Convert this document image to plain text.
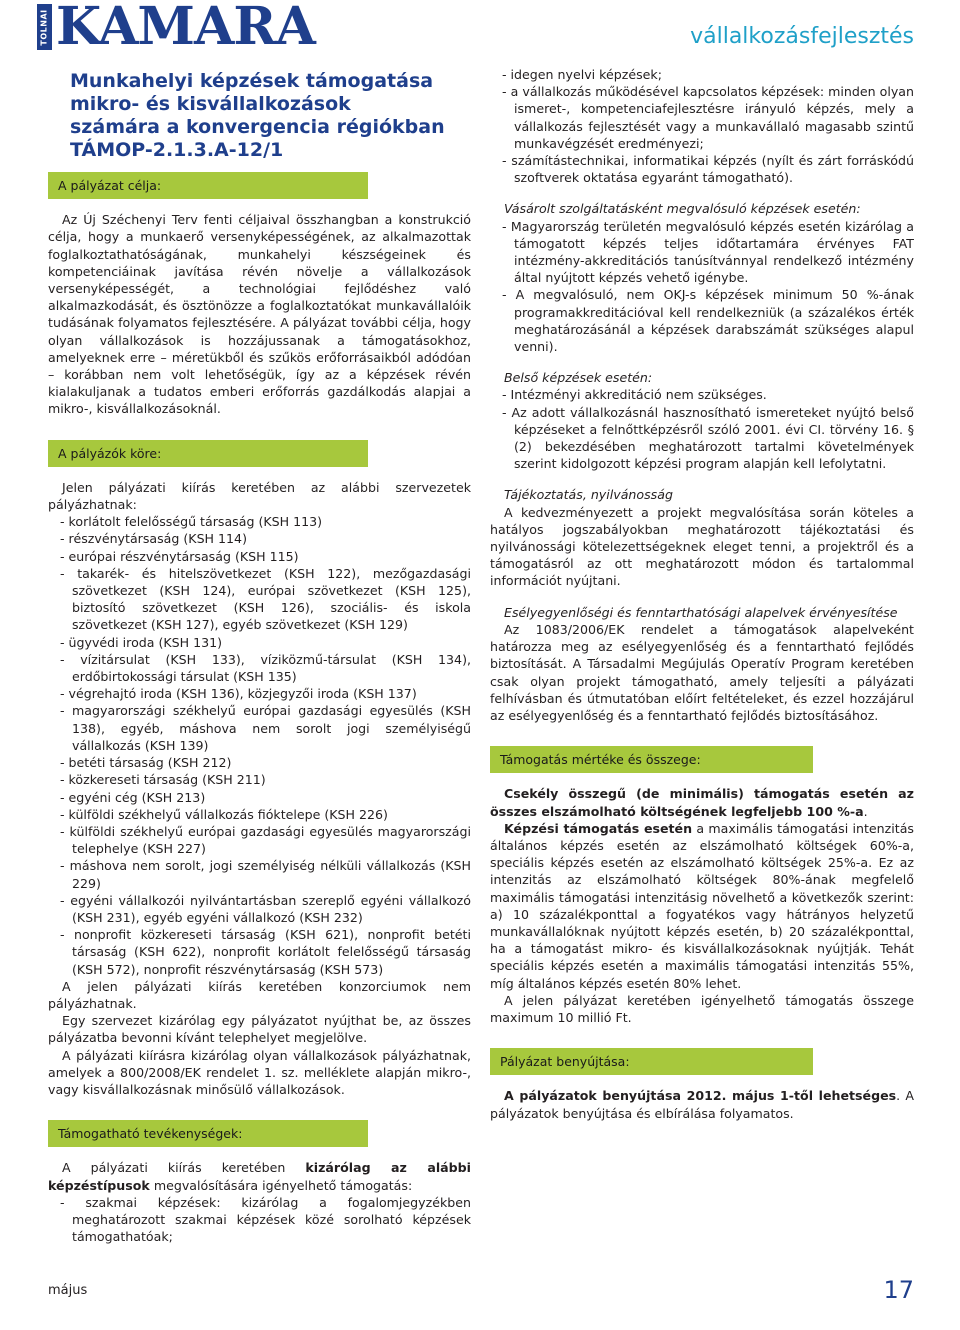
TOLNAI KAMARA	vállalkozásfejlesztés
Munkahelyi képzések támogatása mikro- és kisvállalkozások számára a konvergencia régiókban TÁMOP-2.1.3.A-12/1
A pályázat célja:

Az Új Széchenyi Terv fenti céljaival összhangban a konstrukció célja, hogy a munkaerő versenyképességének, az alkalmazottak foglalkoztathatóságának, munkahelyi készségeinek és kompetenciáinak javítása révén növelje a vállalkozások versenyképességét, a technológiai fejlődéshez való alkalmazkodását, és ösztönözze a foglalkoztatókat munkavállalóik tudásának folyamatos fejlesztésére. A pályázat további célja, hogy olyan vállalkozások is hozzájussanak a támogatásokhoz, amelyeknek erre – méretükből és szűkös erőforrásaikból adódóan – korábban nem volt lehetőségük, így az a képzések révén kialakuljanak a tudatos emberi erőforrás gazdálkodás alapjai a mikro-, kisvállalkozásoknál.

A pályázók köre:

Jelen pályázati kiírás keretében az alábbi szervezetek pályázhatnak:

- korlátolt felelősségű társaság (KSH 113)

- részvénytársaság (KSH 114)

- európai részvénytársaság (KSH 115)

- takarék- és hitelszövetkezet (KSH 122), mezőgazdasági szövetkezet (KSH 124), európai szövetkezet (KSH 125), biztosító szövetkezet (KSH 126), szociális- és iskola szövetkezet (KSH 127), egyéb szövetkezet (KSH 129)

- ügyvédi iroda (KSH 131)

- vízitársulat (KSH 133), víziközmű-társulat (KSH 134), erdőbirtokossági társulat (KSH 135)

- végrehajtó iroda (KSH 136), közjegyzői iroda (KSH 137)

- magyarországi székhelyű európai gazdasági egyesülés (KSH 138), egyéb, máshova nem sorolt jogi személyiségű vállalkozás (KSH 139)

- betéti társaság (KSH 212)

- közkereseti társaság (KSH 211)

- egyéni cég (KSH 213)

- külföldi székhelyű vállalkozás fióktelepe (KSH 226)

- külföldi székhelyű európai gazdasági egyesülés magyarországi telephelye (KSH 227)

- máshova nem sorolt, jogi személyiség nélküli vállalkozás (KSH 229)

- egyéni vállalkozói nyilvántartásban szereplő egyéni vállalkozó (KSH 231), egyéb egyéni vállalkozó (KSH 232)

- nonprofit közkereseti társaság (KSH 621), nonprofit betéti társaság (KSH 622), nonprofit korlátolt felelősségű társaság (KSH 572), nonprofit részvénytársaság (KSH 573)

A jelen pályázati kiírás keretében konzorciumok nem pályázhatnak.

Egy szervezet kizárólag egy pályázatot nyújthat be, az összes pályázatba bevonni kívánt telephelyet megjelölve.

A pályázati kiírásra kizárólag olyan vállalkozások pályázhatnak, amelyek a 800/2008/EK rendelet 1. sz. melléklete alapján mikro-, vagy kisvállalkozásnak minősülő vállalkozások.

Támogatható tevékenységek:

A pályázati kiírás keretében kizárólag az alábbi képzéstípusok megvalósítására igényelhető támogatás:

- szakmai képzések: kizárólag a fogalomjegyzékben meghatározott szakmai képzések közé sorolható képzések támogathatóak;

- idegen nyelvi képzések;

- a vállalkozás működésével kapcsolatos képzések: minden olyan ismeret-, kompetenciafejlesztésre irányuló képzés, mely a vállalkozás fejlesztését vagy a munkavállaló magasabb szintű munkavégzését eredményezi;

- számítástechnikai, informatikai képzés (nyílt és zárt forráskódú szoftverek oktatása egyaránt támogatható).

Vásárolt szolgáltatásként megvalósuló képzések esetén:

- Magyarország területén megvalósuló képzés esetén kizárólag a támogatott képzés teljes időtartamára érvényes FAT intézmény-akkreditációs tanúsítvánnyal rendelkező intézmény által nyújtott képzés vehető igénybe.

- A megvalósuló, nem OKJ-s képzések minimum 50 %-ának programakkreditációval kell rendelkezniük (a százalékos érték meghatározásánál a képzések darabszámát szükséges alapul venni).

Belső képzések esetén:

- Intézményi akkreditáció nem szükséges.

- Az adott vállalkozásnál hasznosítható ismereteket nyújtó belső képzéseket a felnőttképzésről szóló 2001. évi CI. törvény 16. § (2) bekezdésében meghatározott tartalmi követelmények szerint kidolgozott képzési program alapján kell lefolytatni.

Tájékoztatás, nyilvánosság

A kedvezményezett a projekt megvalósítása során köteles a hatályos jogszabályokban meghatározott tájékoztatási és nyilvánossági kötelezettségeknek eleget tenni, a projektről és a támogatásról az ott meghatározott módon és tartalommal információt nyújtani.

Esélyegyenlőségi és fenntarthatósági alapelvek érvényesítése

Az 1083/2006/EK rendelet a támogatások alapelveként határozza meg az esélyegyenlőség és a fenntartható fejlődés biztosítását. A Társadalmi Megújulás Operatív Program keretében csak olyan projekt támogatható, amely teljesíti a pályázati felhívásban és útmutatóban előírt feltételeket, és ezzel hozzájárul az esélyegyenlőség és a fenntartható fejlődés biztosításához.

Támogatás mértéke és összege:

Csekély összegű (de minimális) támogatás esetén az összes elszámolható költségének legfeljebb 100 %-a.

Képzési támogatás esetén a maximális támogatási intenzitás általános képzés esetén az elszámolható költségek 60%-a, speciális képzés esetén az elszámolható költségek 25%-a. Ez az intenzitás az elszámolható költségek 80%-ának megfelelő maximális támogatási intenzitásig növelhető a következők szerint: a) 10 százalékponttal a fogyatékos vagy hátrányos helyzetű munkavállalóknak nyújtott képzés esetén, b) 20 százalékponttal, ha a támogatást mikro- és kisvállalkozásoknak nyújtják. Tehát speciális képzés esetén a maximális támogatási intenzitás 55%, míg általános képzés esetén 80% lehet.

A jelen pályázat keretében igényelhető támogatás összege maximum 10 millió Ft.

Pályázat benyújtása:

A pályázatok benyújtása 2012. május 1-től lehetséges. A pályázatok benyújtása és elbírálása folyamatos.

május	17
